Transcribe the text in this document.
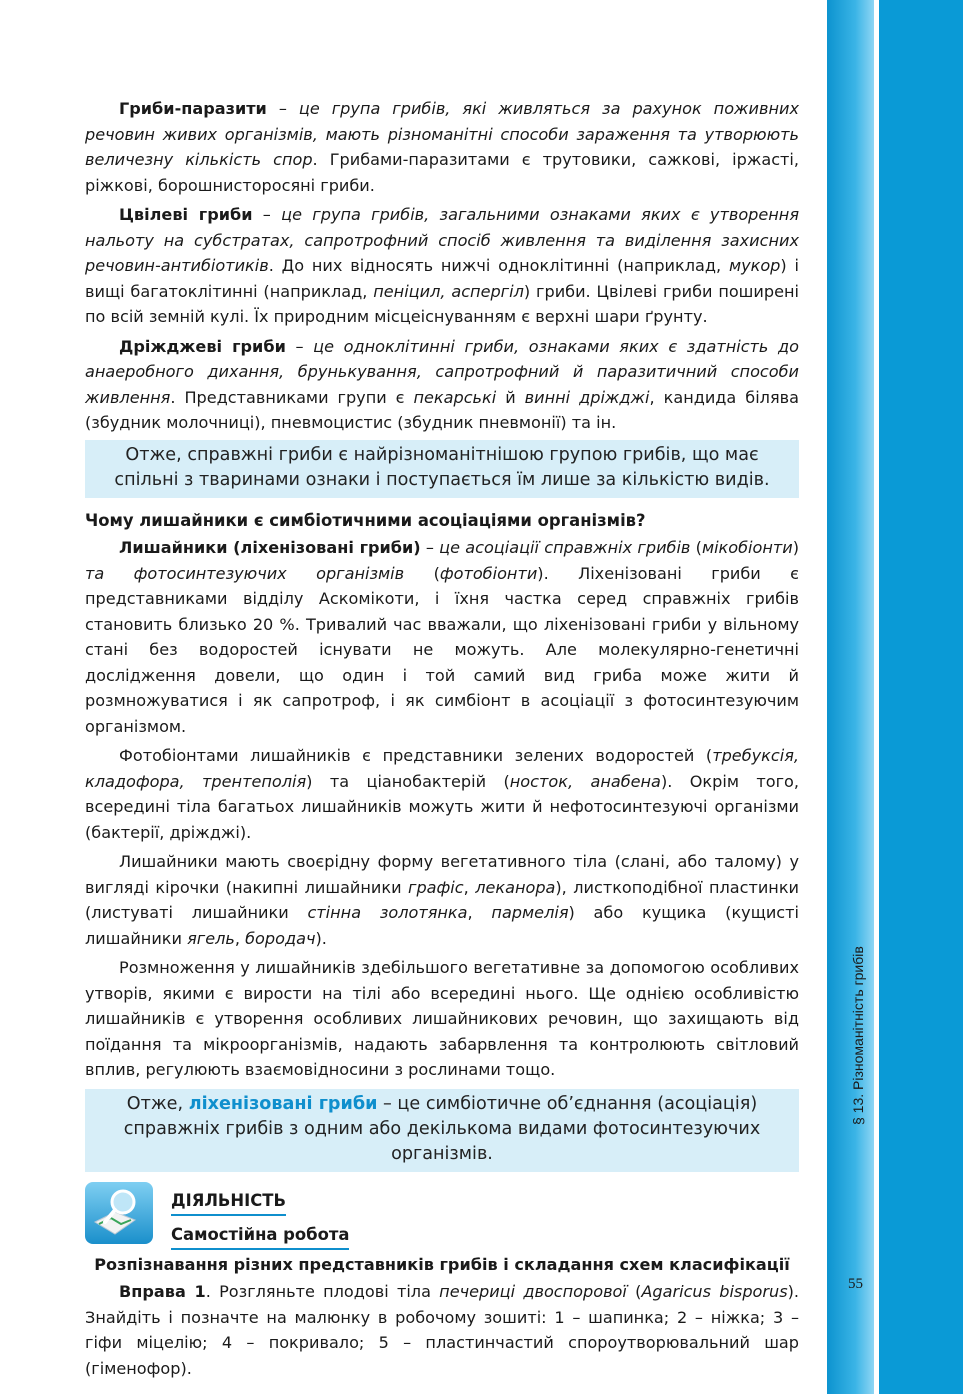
§ 13. Різноманітність грибів
55

Гриби-паразити – це група грибів, які живляться за рахунок поживних речовин живих організмів, мають різноманітні способи зараження та утворюють величезну кількість спор. Грибами-паразитами є трутовики, сажкові, іржасті, ріжкові, борошнисторосяні гриби.

Цвілеві гриби – це група грибів, загальними ознаками яких є утворення нальоту на субстратах, сапротрофний спосіб живлення та виділення захисних речовин-антибіотиків. До них відносять нижчі одноклітинні (наприклад, мукор) і вищі багатоклітинні (наприклад, пеніцил, аспергіл) гриби. Цвілеві гриби поширені по всій земній кулі. Їх природним місцеіснуванням є верхні шари ґрунту.

Дріжджеві гриби – це одноклітинні гриби, ознаками яких є здатність до анаеробного дихання, брунькування, сапротрофний й паразитичний способи живлення. Представниками групи є пекарські й винні дріжджі, кандида білява (збудник молочниці), пневмоцистис (збудник пневмонії) та ін.

Отже, справжні гриби є найрізноманітнішою групою грибів, що має спільні з тваринами ознаки і поступається їм лише за кількістю видів.
Чому лишайники є симбіотичними асоціаціями організмів?

Лишайники (ліхенізовані гриби) – це асоціації справжніх грибів (мікобіонти) та фотосинтезуючих організмів (фотобіонти). Ліхенізовані гриби є представниками відділу Аскомікоти, і їхня частка серед справжніх грибів становить близько 20 %. Тривалий час вважали, що ліхенізовані гриби у вільному стані без водоростей існувати не можуть. Але молекулярно-генетичні дослідження довели, що один і той самий вид гриба може жити й розмножуватися і як сапротроф, і як симбіонт в асоціації з фотосинтезуючим організмом.

Фотобіонтами лишайників є представники зелених водоростей (требуксія, кладофора, трентеполія) та ціанобактерій (носток, анабена). Окрім того, всередині тіла багатьох лишайників можуть жити й нефотосинтезуючі організми (бактерії, дріжджі).

Лишайники мають своєрідну форму вегетативного тіла (слані, або талому) у вигляді кірочки (накипні лишайники графіс, леканора), листкоподібної пластинки (листуваті лишайники стінна золотянка, пармелія) або кущика (кущисті лишайники ягель, бородач).

Розмноження у лишайників здебільшого вегетативне за допомогою особливих утворів, якими є вирости на тілі або всередині нього. Ще однією особливістю лишайників є утворення особливих лишайникових речовин, що захищають від поїдання та мікроорганізмів, надають забарвлення та контролюють світловий вплив, регулюють взаємовідносини з рослинами тощо.

Отже, ліхенізовані гриби – це симбіотичне об’єднання (асоціація) справжніх грибів з одним або декількома видами фотосинтезуючих організмів.
ДІЯЛЬНІСТЬ
Самостійна робота
Розпізнавання різних представників грибів і складання схем класифікації

Вправа 1. Розгляньте плодові тіла печериці двоспорової (Agaricus bisporus). Знайдіть і позначте на малюнку в робочому зошиті: 1 – шапинка; 2 – ніжка; 3 – гіфи міцелію; 4 – покривало; 5 – пластинчастий спороутворювальний шар (гіменофор).
